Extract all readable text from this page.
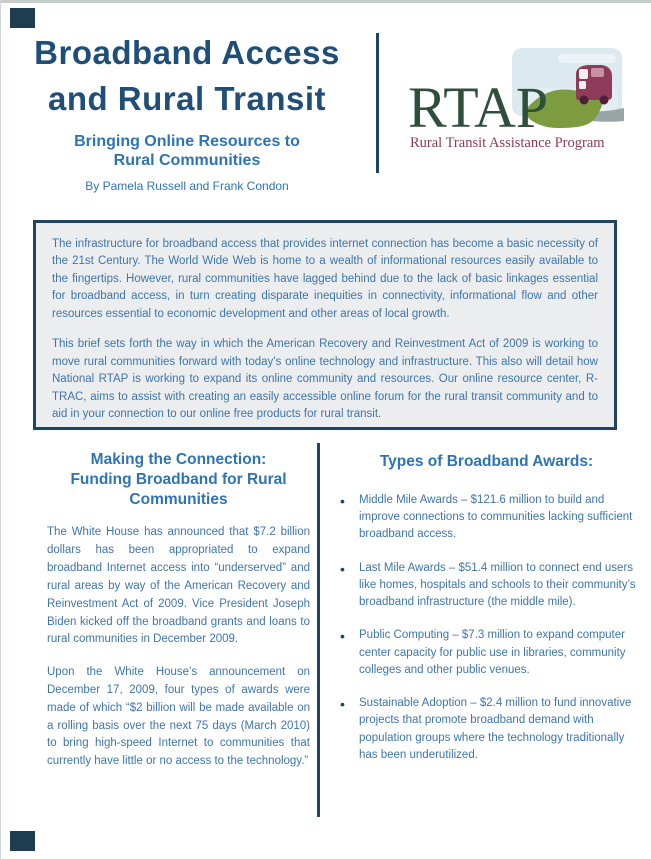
Broadband Access
and Rural Transit
Bringing Online Resources to
Rural Communities
By Pamela Russell and Frank Condon
RTAP
Rural Transit Assistance Program

The infrastructure for broadband access that provides internet connection has become a basic necessity of the 21st Century. The World Wide Web is home to a wealth of informational resources easily available to the fingertips. However, rural communities have lagged behind due to the lack of basic linkages essential for broadband access, in turn creating disparate inequities in connectivity, informational flow and other resources essential to economic development and other areas of local growth.

This brief sets forth the way in which the American Recovery and Reinvestment Act of 2009 is working to move rural communities forward with today’s online technology and infrastructure. This also will detail how National RTAP is working to expand its online community and resources. Our online resource center, R-TRAC, aims to assist with creating an easily accessible online forum for the rural transit community and to aid in your connection to our online free products for rural transit.

Making the Connection:
Funding Broadband for Rural
Communities

The White House has announced that $7.2 billion dollars has been appropriated to expand broadband Internet access into “underserved” and rural areas by way of the American Recovery and Reinvestment Act of 2009. Vice President Joseph Biden kicked off the broadband grants and loans to rural communities in December 2009.

Upon the White House’s announcement on December 17, 2009, four types of awards were made of which “$2 billion will be made available on a rolling basis over the next 75 days (March 2010) to bring high-speed Internet to communities that currently have little or no access to the technology.”

Types of Broadband Awards:
• Middle Mile Awards – $121.6 million to build and improve connections to communities lacking sufficient broadband access.
• Last Mile Awards – $51.4 million to connect end users like homes, hospitals and schools to their community’s broadband infrastructure (the middle mile).
• Public Computing – $7.3 million to expand computer center capacity for public use in libraries, community colleges and other public venues.
• Sustainable Adoption – $2.4 million to fund innovative projects that promote broadband demand with population groups where the technology traditionally has been underutilized.
